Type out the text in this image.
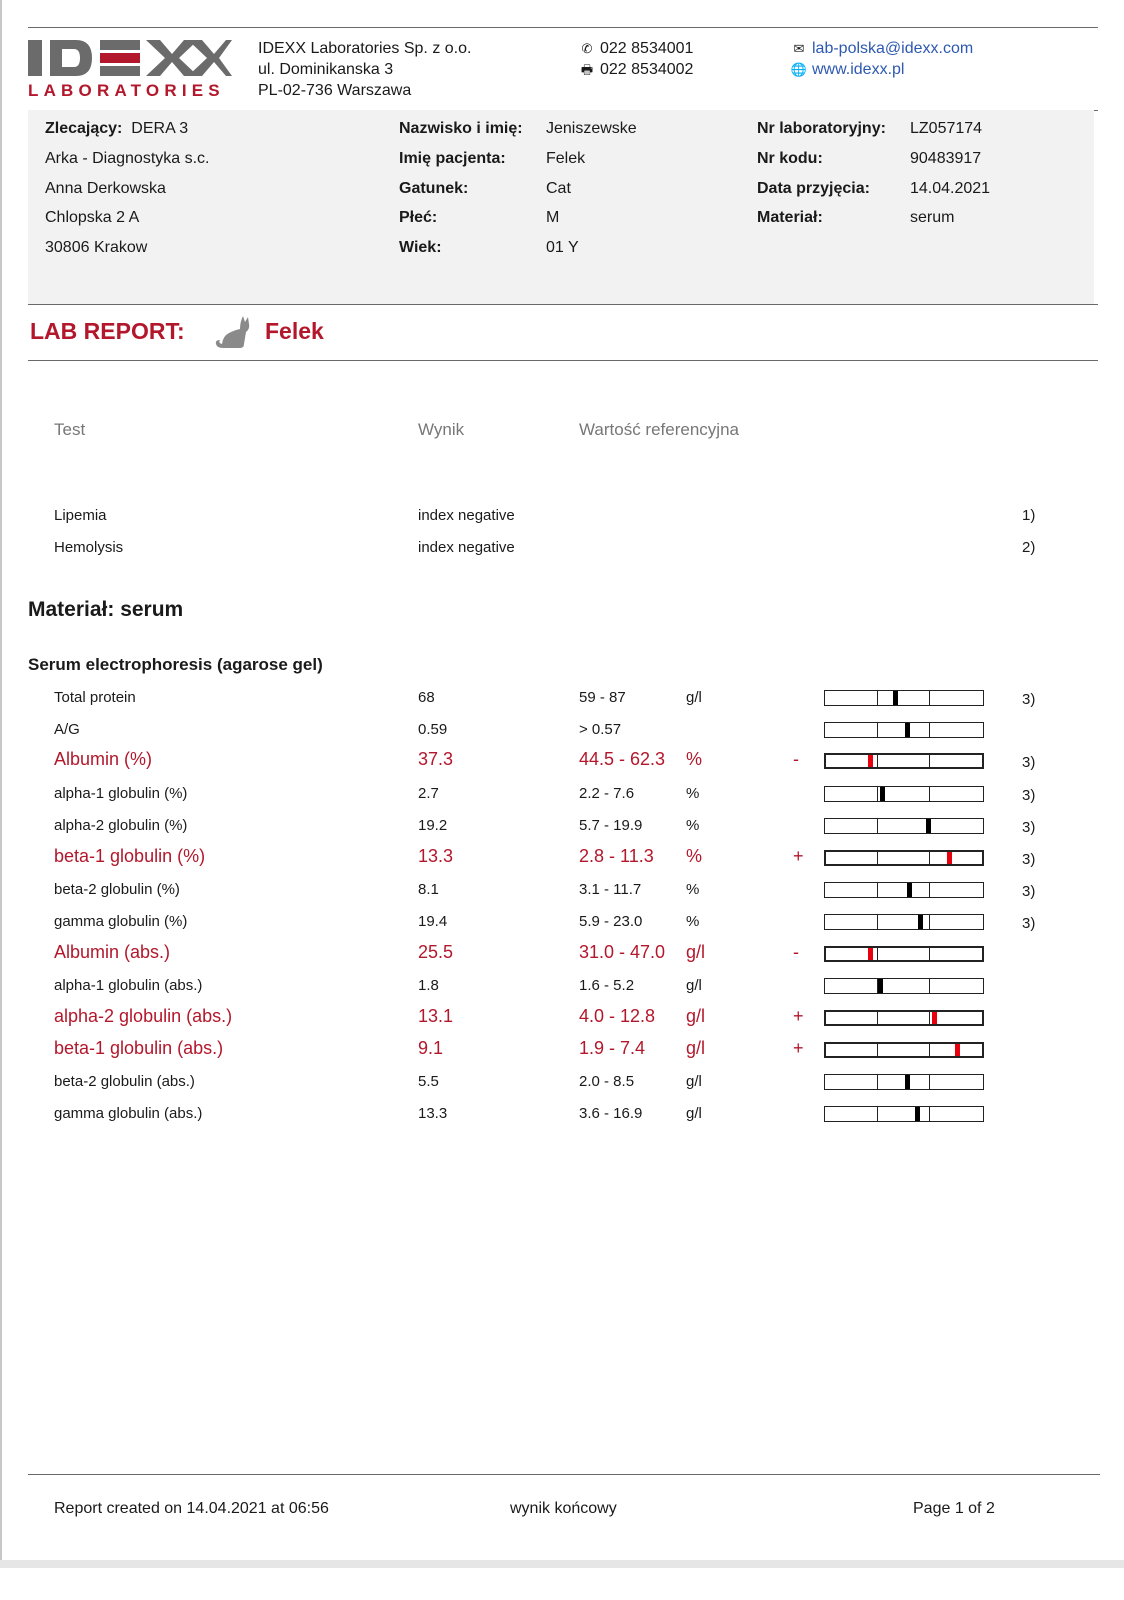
LABORATORIES
IDEXX Laboratories Sp. z o.o.
ul. Dominikanska 3
PL-02-736 Warszawa
✆ 022 8534001
🖶 022 8534002
✉ lab-polska@idexx.com
🌐 www.idexx.pl
Zlecający: DERA 3
Arka - Diagnostyka s.c.
Anna Derkowska
Chlopska 2 A
30806 Krakow
Nazwisko i imię: Jeniszewske
Imię pacjenta:	Felek
Gatunek:	Cat
Płeć:	M
Wiek:	01 Y
Nr laboratoryjny: LZ057174
Nr kodu:	90483917
Data przyjęcia:	14.04.2021
Materiał:	serum
LAB REPORT:	Felek
Test	Wynik	Wartość referencyjna
Lipemia	index negative	1)
Hemolysis	index negative	2)
Materiał: serum
Serum electrophoresis (agarose gel)
Total protein	68	59 - 87	g/l	3)
A/G	0.59	> 0.57
Albumin (%)	37.3	44.5 - 62.3 %	-	3)
alpha-1 globulin (%)	2.7	2.2 - 7.6	%	3)
alpha-2 globulin (%)	19.2	5.7 - 19.9	%	3)
beta-1 globulin (%)	13.3	2.8 - 11.3 %	+	3)
beta-2 globulin (%)	8.1	3.1 - 11.7	%	3)
gamma globulin (%)	19.4	5.9 - 23.0	%	3)
Albumin (abs.)	25.5	31.0 - 47.0 g/l	-
alpha-1 globulin (abs.)	1.8	1.6 - 5.2	g/l
alpha-2 globulin (abs.)	13.1	4.0 - 12.8 g/l	+
beta-1 globulin (abs.)	9.1	1.9 - 7.4 g/l	+
beta-2 globulin (abs.)	5.5	2.0 - 8.5	g/l
gamma globulin (abs.)	13.3	3.6 - 16.9	g/l
Report created on 14.04.2021 at 06:56	wynik końcowy	Page 1 of 2
